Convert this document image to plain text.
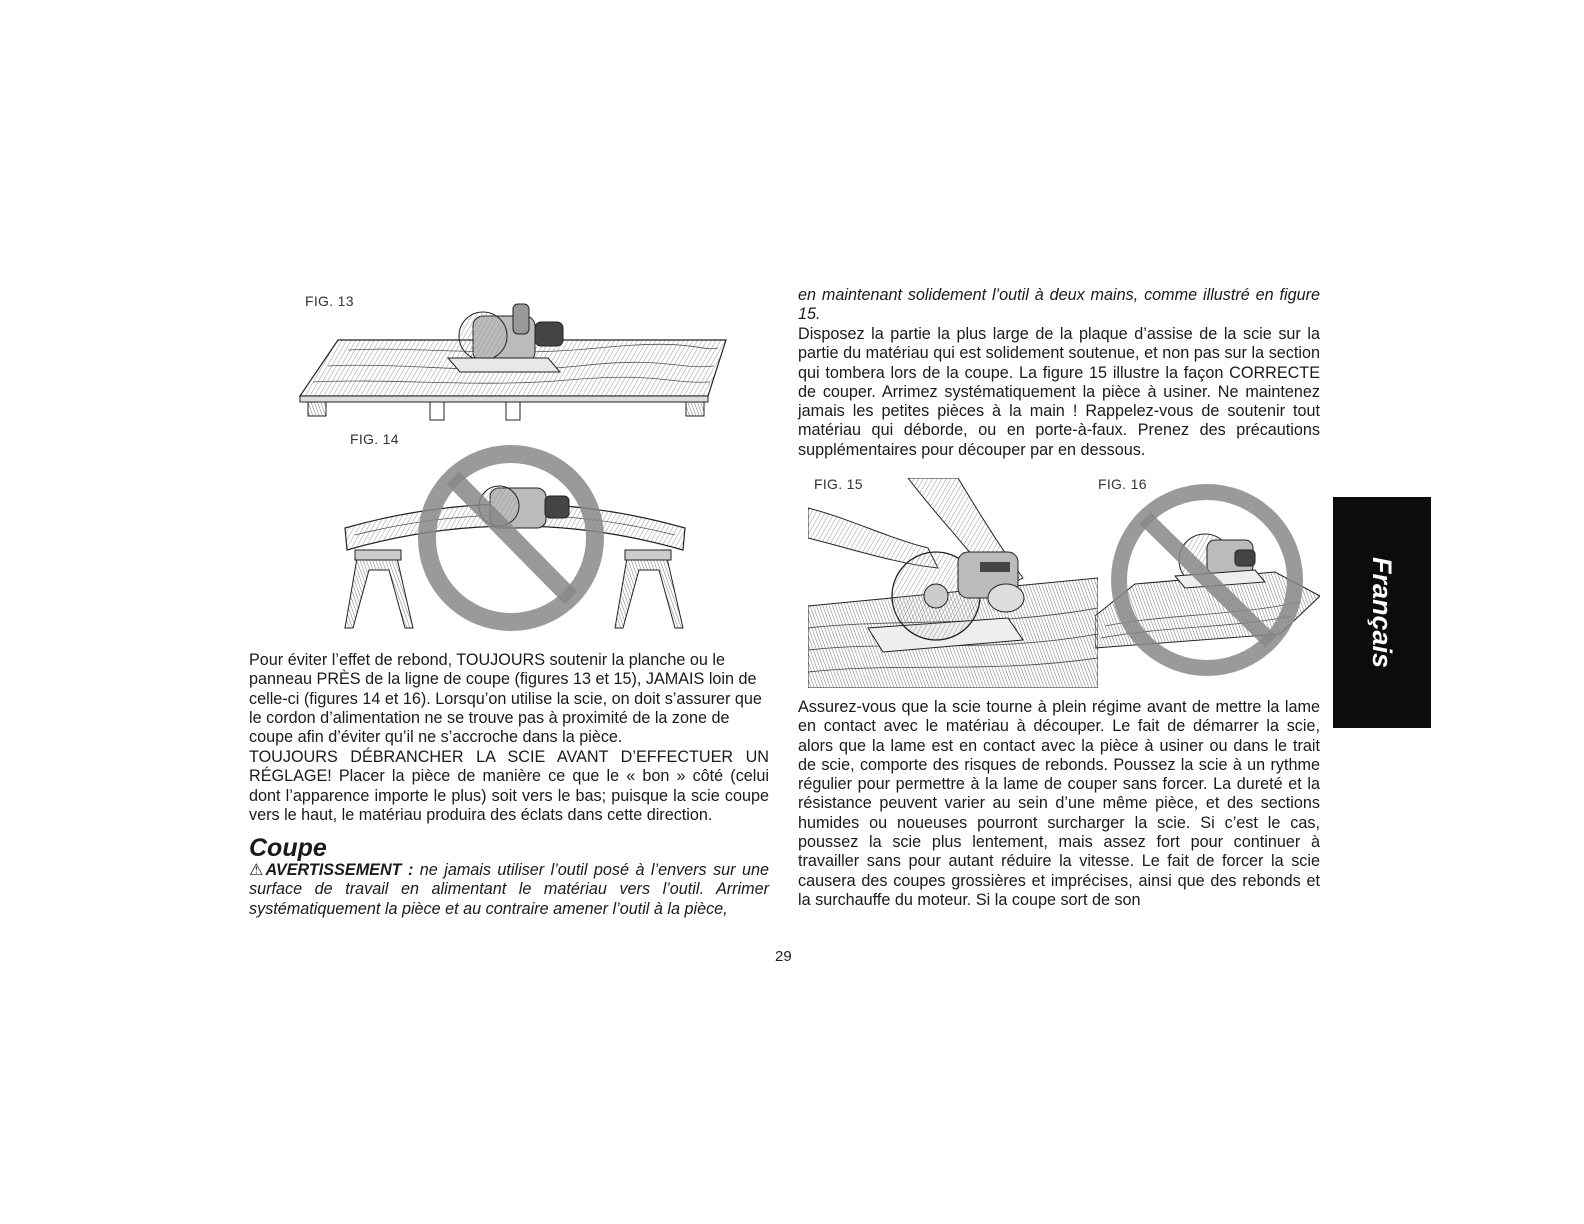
FIG. 13
FIG. 14
FIG. 15	FIG. 16

Pour éviter l’effet de rebond, TOUJOURS soutenir la planche ou le panneau PRÈS de la ligne de coupe (figures 13 et 15), JAMAIS loin de celle-ci (figures 14 et 16). Lorsqu’on utilise la scie, on doit s’assurer que le cordon d’alimentation ne se trouve pas à proximité de la zone de coupe afin d’éviter qu’il ne s’accroche dans la pièce.

TOUJOURS DÉBRANCHER LA SCIE AVANT D’EFFECTUER UN RÉGLAGE! Placer la pièce de manière ce que le « bon » côté (celui dont l’apparence importe le plus) soit vers le bas; puisque la scie coupe vers le haut, le matériau produira des éclats dans cette direction.

Coupe

⚠AVERTISSEMENT : ne jamais utiliser l’outil posé à l’envers sur une surface de travail en alimentant le matériau vers l’outil. Arrimer systématiquement la pièce et au contraire amener l’outil à la pièce,

en maintenant solidement l’outil à deux mains, comme illustré en figure 15.

Disposez la partie la plus large de la plaque d’assise de la scie sur la partie du matériau qui est solidement soutenue, et non pas sur la section qui tombera lors de la coupe. La figure 15 illustre la façon CORRECTE de couper. Arrimez systématiquement la pièce à usiner. Ne maintenez jamais les petites pièces à la main ! Rappelez-vous de soutenir tout matériau qui déborde, ou en porte-à-faux. Prenez des précautions supplémentaires pour découper par en dessous.

Assurez-vous que la scie tourne à plein régime avant de mettre la lame en contact avec le matériau à découper. Le fait de démarrer la scie, alors que la lame est en contact avec la pièce à usiner ou dans le trait de scie, comporte des risques de rebonds. Poussez la scie à un rythme régulier pour permettre à la lame de couper sans forcer. La dureté et la résistance peuvent varier au sein d’une même pièce, et des sections humides ou noueuses pourront surcharger la scie. Si c’est le cas, poussez la scie plus lentement, mais assez fort pour continuer à travailler sans pour autant réduire la vitesse. Le fait de forcer la scie causera des coupes grossières et imprécises, ainsi que des rebonds et la surchauffe du moteur. Si la coupe sort de son

Français
29
